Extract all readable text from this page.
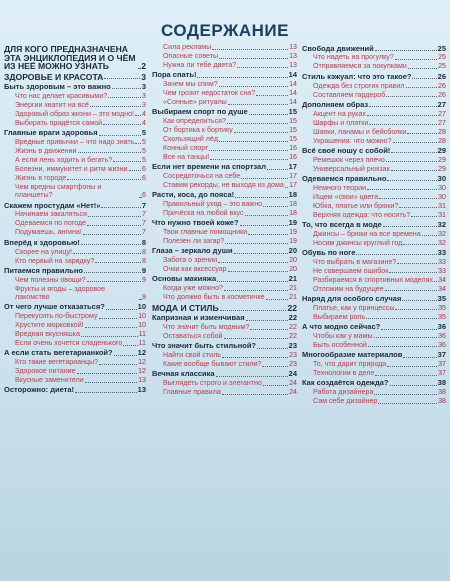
СОДЕРЖАНИЕ
ДЛЯ КОГО ПРЕДНАЗНАЧЕНА ЭТА ЭНЦИКЛОПЕДИЯ И О ЧЁМ ИЗ НЕЁ МОЖНО УЗНАТЬ	2
ЗДОРОВЬЕ И КРАСОТА	3
Быть здоровым – это важно	3
Что нас делает красивыми?	3
Энергии хватит на всё	3
Здоровый образ жизни – это модно! 4
Выбирать придётся самой	4
Главные враги здоровья	5
Вредные привычки – что надо знать 5
Жизнь в движении	5
А если лень ходить и бегать?	5
Болезни, иммунитет и ритм жизни 6
Жизнь в городе	6
Чем вредны смартфоны и планшеты?	6
Скажем простудам «Нет!»	7
Начинаем закаляться	7
Одеваемся по погоде	7
Подумаешь, ангина!	7
Вперёд к здоровью!	8
Скорее на улицу!	8
Кто первый на зарядку?	8
Питаемся правильно	9
Чем полезны овощи?	9
Фрукты и ягоды – здоровое лакомство	9
От чего лучше отказаться?	10
Перекусить по-быстрому	10
Хрустите морковкой!	10
Вредная вкусняшка	11
Если очень хочется сладенького 11
А если стать вегетарианкой?	12
Кто такие вегетарианцы?	12
Здоровое питание	12
Вкусные заменители	13
Осторожно: диета!	13
Сила рекламы	13
Опасные советы	13
Нужна ли тебе диета?	13
Пора спать!	14
Зачем мы спим?	14
Чем грозит недостаток сна?	14
«Сонные» ритуалы	14
Выбираем спорт по душе	15
Как определиться?	15
От бортика к бортику	15
Скользящий лёд	15
Конный спорт	16
Все на танцы!	16
Если нет времени на спортзал	17
Сосредоточься на себе	17
Ставим рекорды, не выходя из дома 17
Расти, коса, до пояса!	18
Правильный уход – это важно	18
Причёска на любой вкус	18
Что нужно твоей коже?	19
Твои главные помощники	19
Полезен ли загар?	19
Глаза – зеркало души	20
Забота о зрении	20
Очки как аксессуар	20
Основы макияжа	21
Когда уже можно?	21
Что должно быть в косметичке	21
МОДА И СТИЛЬ	22
Капризная и изменчивая	22
Что значит быть модным?	22
Оставаться собой	22
Что значит быть стильной?	23
Найти свой стиль	23
Какие вообще бывают стили?	23
Вечная классика	24
Выглядеть строго и элегантно	24
Главные правила	24
Свобода движений	25
Что надеть на прогулку?	25
Отправляемся за покупками	25
Стиль кэжуал: что это такое?	26
Одежда без строгих правил	26
Составляем гардероб	26
Дополняем образ	27
Акцент на руках	27
Шарфы и платки	27
Шапки, панамы и бейсболки	28
Украшения: что можно?	28
Всё своё ношу с собой!	29
Ремешок через плечо	29
Универсальный рюкзак	29
Одеваемся правильно	30
Немного теории	30
Ищем «свои» цвета	30
Юбка, платье или брюки?	31
Верхняя одежда: что носить?	31
То, что всегда в моде	32
Джинсы – брюки на все времена 32
Носим джинсы круглый год	32
Обувь по ноге	33
Что выбрать в магазине?	33
Не совершаем ошибок	33
Разбираемся в спортивных моделях 34
Отложим на будущее	34
Наряд для особого случая	35
Платье, как у принцессы	35
Выбираем роль	35
А что модно сейчас?	36
Чтобы как у мамы	36
Быть особенной	36
Многообразие материалов	37
То, что дарит природа	37
Технологии в деле	37
Как создаётся одежда?	38
Работа дизайнера	38
Сам себе дизайнер	38
